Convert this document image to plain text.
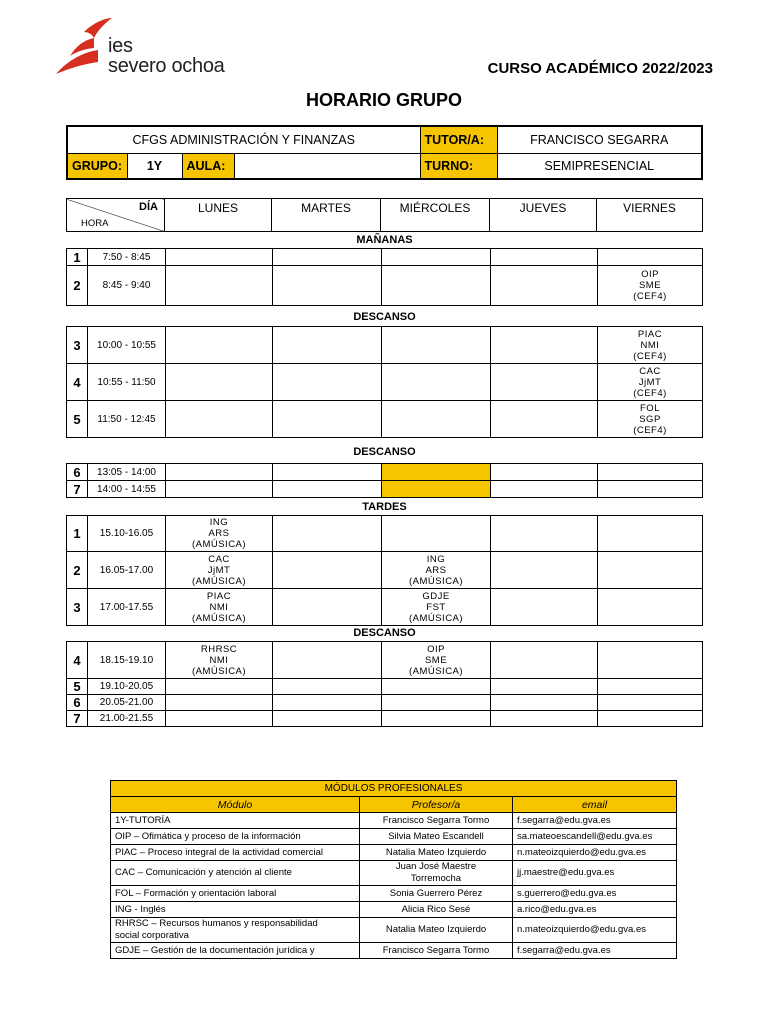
ies
severo ochoa	CURSO ACADÉMICO 2022/2023
HORARIO GRUPO
CFGS ADMINISTRACIÓN Y FINANZAS				TUTOR/A:	FRANCISCO SEGARRA
GRUPO:	1Y	AULA:		TURNO:	SEMIPRESENCIAL
DÍA
HORA
	LUNES	MARTES	MIÉRCOLES	JUEVES	VIERNES
MAÑANAS
1	7:50 - 8:45					
2	8:45 - 9:40					OIP
SME
(CEF4)
DESCANSO
3	10:00 - 10:55					PIAC
NMI
(CEF4)
4	10:55 - 11:50					CAC
JjMT
(CEF4)
5	11:50 - 12:45					FOL
SGP
(CEF4)
DESCANSO
6	13:05 - 14:00					
7	14:00 - 14:55					
TARDES
1	15.10-16.05	ING
ARS
(AMÚSICA)				
2	16.05-17.00	CAC
JjMT
(AMÚSICA)		ING
ARS
(AMÚSICA)		
3	17.00-17.55	PIAC
NMI
(AMÚSICA)		GDJE
FST
(AMÚSICA)		
DESCANSO
4	18.15-19.10	RHRSC
NMI
(AMÚSICA)		OIP
SME
(AMÚSICA)		
5	19.10-20.05					
6	20.05-21.00					
7	21.00-21.55					
MÓDULOS PROFESIONALES		
Módulo	Profesor/a	email
1Y-TUTORÍA	Francisco Segarra Tormo	f.segarra@edu.gva.es
OIP – Ofimática y proceso de la información	Silvia Mateo Escandell	sa.mateoescandell@edu.gva.es
PIAC – Proceso integral de la actividad comercial	Natalia Mateo Izquierdo	n.mateoizquierdo@edu.gva.es
CAC – Comunicación y atención al cliente	Juan José Maestre
Torremocha	jj.maestre@edu.gva.es
FOL – Formación y orientación laboral	Sonia Guerrero Pérez	s.guerrero@edu.gva.es
ING - Inglés	Alicia Rico Sesé	a.rico@edu.gva.es
RHRSC – Recursos humanos y responsabilidad
social corporativa	Natalia Mateo Izquierdo	n.mateoizquierdo@edu.gva.es
GDJE – Gestión de la documentación jurídica y	Francisco Segarra Tormo	f.segarra@edu.gva.es
